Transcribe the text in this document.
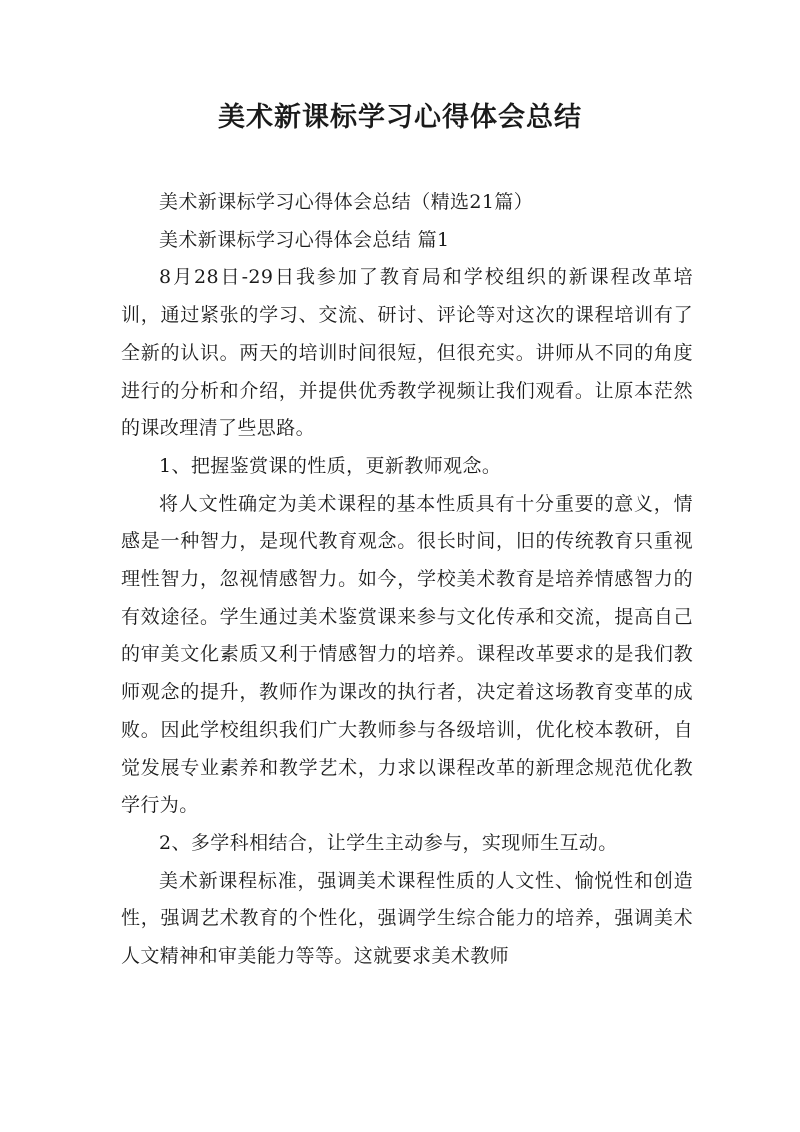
美术新课标学习心得体会总结

美术新课标学习心得体会总结（精选21篇）

美术新课标学习心得体会总结 篇1

8月28日-29日我参加了教育局和学校组织的新课程改革培训，通过紧张的学习、交流、研讨、评论等对这次的课程培训有了全新的认识。两天的培训时间很短，但很充实。讲师从不同的角度进行的分析和介绍，并提供优秀教学视频让我们观看。让原本茫然的课改理清了些思路。

1、把握鉴赏课的性质，更新教师观念。

将人文性确定为美术课程的基本性质具有十分重要的意义，情感是一种智力，是现代教育观念。很长时间，旧的传统教育只重视理性智力，忽视情感智力。如今，学校美术教育是培养情感智力的有效途径。学生通过美术鉴赏课来参与文化传承和交流，提高自己的审美文化素质又利于情感智力的培养。课程改革要求的是我们教师观念的提升，教师作为课改的执行者，决定着这场教育变革的成败。因此学校组织我们广大教师参与各级培训，优化校本教研，自觉发展专业素养和教学艺术，力求以课程改革的新理念规范优化教学行为。

2、多学科相结合，让学生主动参与，实现师生互动。

美术新课程标准，强调美术课程性质的人文性、愉悦性和创造性，强调艺术教育的个性化，强调学生综合能力的培养，强调美术人文精神和审美能力等等。这就要求美术教师
